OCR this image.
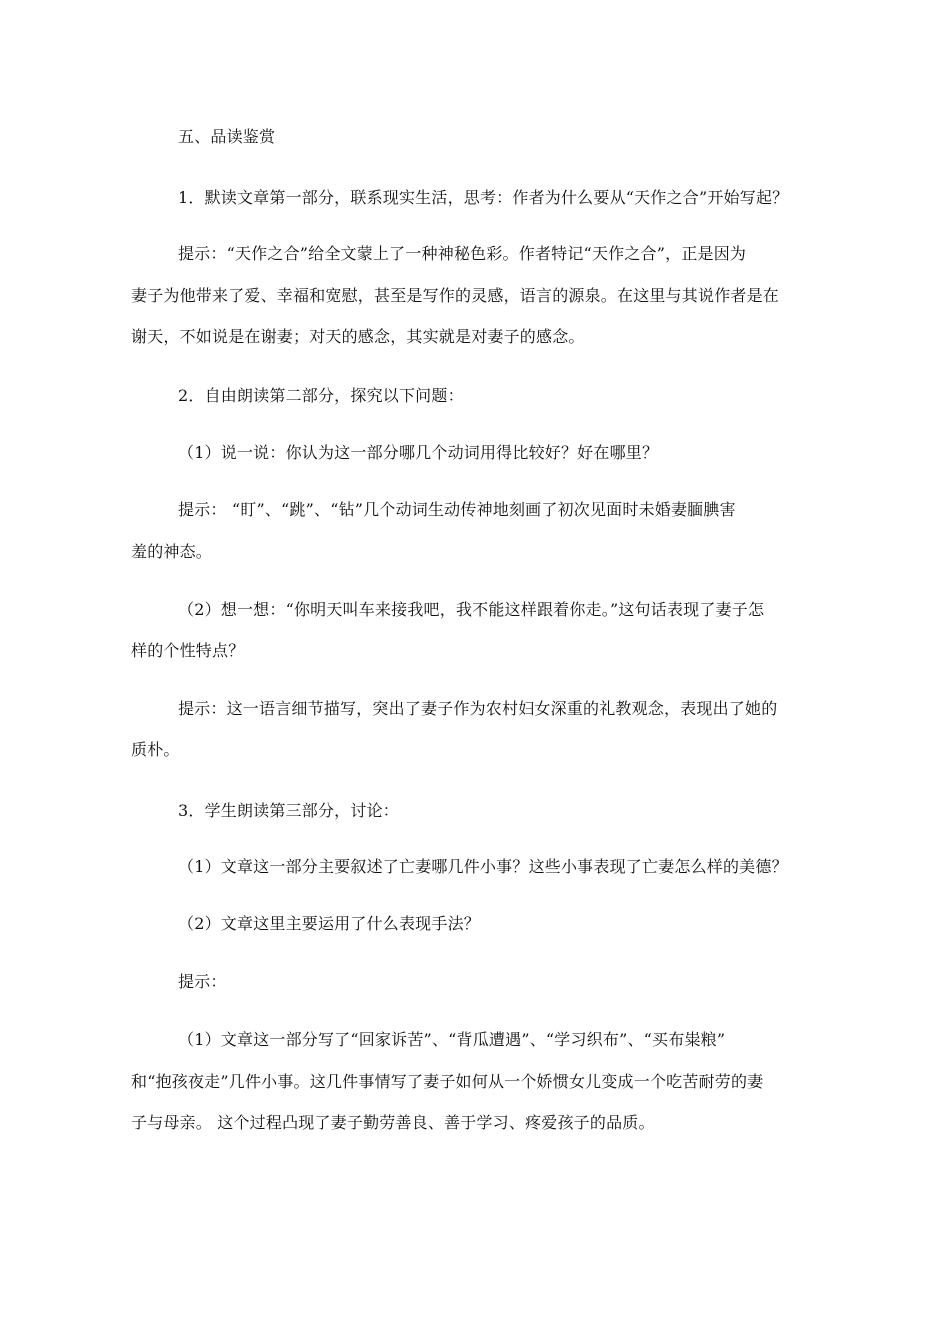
五、品读鉴赏
1．默读文章第一部分，联系现实生活，思考：作者为什么要从“天作之合”开始写起？
提示：“天作之合”给全文蒙上了一种神秘色彩。作者特记“天作之合”，正是因为
妻子为他带来了爱、幸福和宽慰，甚至是写作的灵感，语言的源泉。在这里与其说作者是在
谢天，不如说是在谢妻；对天的感念，其实就是对妻子的感念。
2．自由朗读第二部分，探究以下问题：
（1）说一说：你认为这一部分哪几个动词用得比较好？好在哪里？
提示： “盯”、“跳”、“钻”几个动词生动传神地刻画了初次见面时未婚妻腼腆害
羞的神态。
（2）想一想：“你明天叫车来接我吧，我不能这样跟着你走。”这句话表现了妻子怎
样的个性特点？
提示：这一语言细节描写，突出了妻子作为农村妇女深重的礼教观念，表现出了她的
质朴。
3．学生朗读第三部分，讨论：
（1）文章这一部分主要叙述了亡妻哪几件小事？这些小事表现了亡妻怎么样的美德？
（2）文章这里主要运用了什么表现手法？
提示：
（1）文章这一部分写了“回家诉苦”、“背瓜遭遇”、“学习织布”、“买布粜粮”
和“抱孩夜走”几件小事。这几件事情写了妻子如何从一个娇惯女儿变成一个吃苦耐劳的妻
子与母亲。 这个过程凸现了妻子勤劳善良、善于学习、疼爱孩子的品质。
